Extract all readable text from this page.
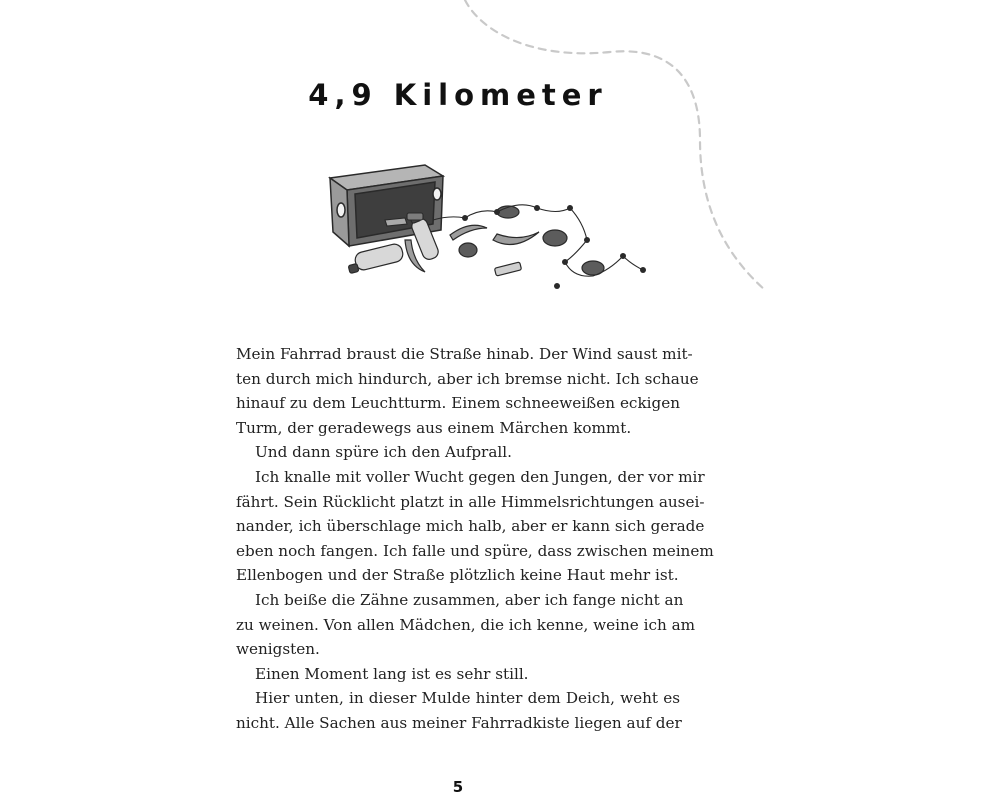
4,9 Kilometer
Mein Fahrrad braust die Straße hinab. Der Wind saust mit-
ten durch mich hindurch, aber ich bremse nicht. Ich schaue
hinauf zu dem Leuchtturm. Einem schneeweißen eckigen
Turm, der geradewegs aus einem Märchen kommt.
Und dann spüre ich den Aufprall.
Ich knalle mit voller Wucht gegen den Jungen, der vor mir
fährt. Sein Rücklicht platzt in alle Himmelsrichtungen ausei-
nander, ich überschlage mich halb, aber er kann sich gerade
eben noch fangen. Ich falle und spüre, dass zwischen meinem
Ellenbogen und der Straße plötzlich keine Haut mehr ist.
Ich beiße die Zähne zusammen, aber ich fange nicht an
zu weinen. Von allen Mädchen, die ich kenne, weine ich am
wenigsten.
Einen Moment lang ist es sehr still.
Hier unten, in dieser Mulde hinter dem Deich, weht es
nicht. Alle Sachen aus meiner Fahrradkiste liegen auf der
5
